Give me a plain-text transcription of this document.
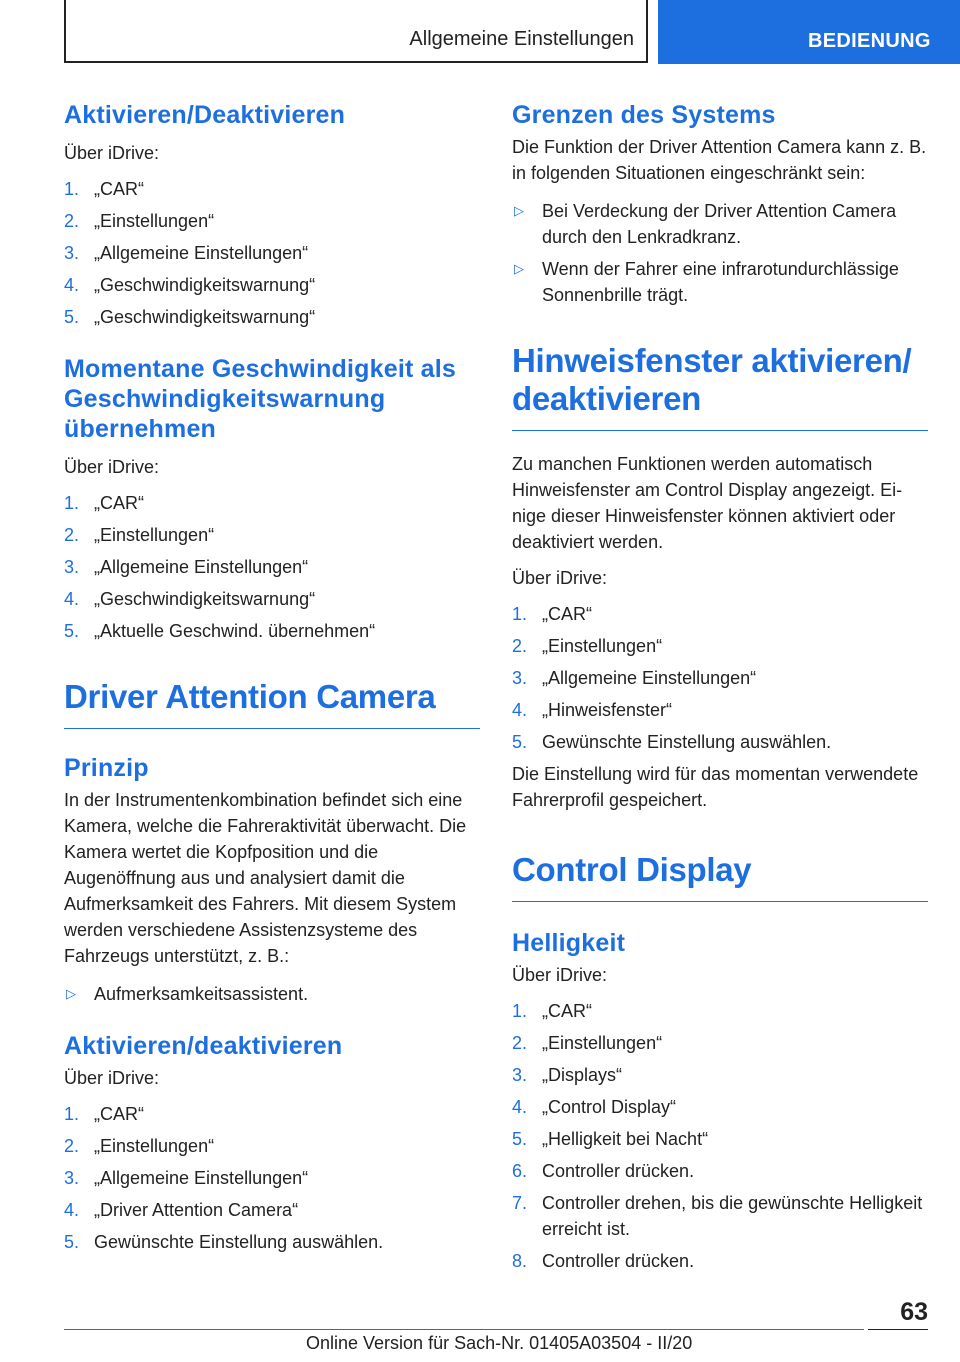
Allgemeine Einstellungen	BEDIENUNG
Aktivieren/Deaktivieren

Über iDrive:

1. „CAR“
2. „Einstellungen“
3. „Allgemeine Einstellungen“
4. „Geschwindigkeitswarnung“
5. „Geschwindigkeitswarnung“
Momentane Geschwindigkeit als Geschwindigkeitswarnung übernehmen

Über iDrive:

1. „CAR“
2. „Einstellungen“
3. „Allgemeine Einstellungen“
4. „Geschwindigkeitswarnung“
5. „Aktuelle Geschwind. übernehmen“
Driver Attention Camera
Prinzip

In der Instrumentenkombination befindet sich eine Kamera, welche die Fahreraktivität überwacht. Die Kamera wertet die Kopfposition und die Augenöffnung aus und analysiert damit die Aufmerksamkeit des Fahrers. Mit diesem System werden verschiedene Assistenzsysteme des Fahrzeugs unterstützt, z. B.:

▷ Aufmerksamkeitsassistent.
Aktivieren/deaktivieren

Über iDrive:

1. „CAR“
2. „Einstellungen“
3. „Allgemeine Einstellungen“
4. „Driver Attention Camera“
5. Gewünschte Einstellung auswählen.
Grenzen des Systems

Die Funktion der Driver Attention Camera kann z. B. in folgenden Situationen eingeschränkt sein:

▷ Bei Verdeckung der Driver Attention Camera durch den Lenkradkranz.
▷ Wenn der Fahrer eine infrarotundurchlässige Sonnenbrille trägt.
Hinweisfenster aktivieren/ deaktivieren

Zu manchen Funktionen werden automatisch Hinweisfenster am Control Display angezeigt. Einige dieser Hinweisfenster können aktiviert oder deaktiviert werden.

Über iDrive:

1. „CAR“
2. „Einstellungen“
3. „Allgemeine Einstellungen“
4. „Hinweisfenster“
5. Gewünschte Einstellung auswählen.

Die Einstellung wird für das momentan verwendete Fahrerprofil gespeichert.

Control Display
Helligkeit

Über iDrive:

1. „CAR“
2. „Einstellungen“
3. „Displays“
4. „Control Display“
5. „Helligkeit bei Nacht“
6. Controller drücken.
7. Controller drehen, bis die gewünschte Helligkeit erreicht ist.
8. Controller drücken.
63
Online Version für Sach-Nr. 01405A03504 - II/20
